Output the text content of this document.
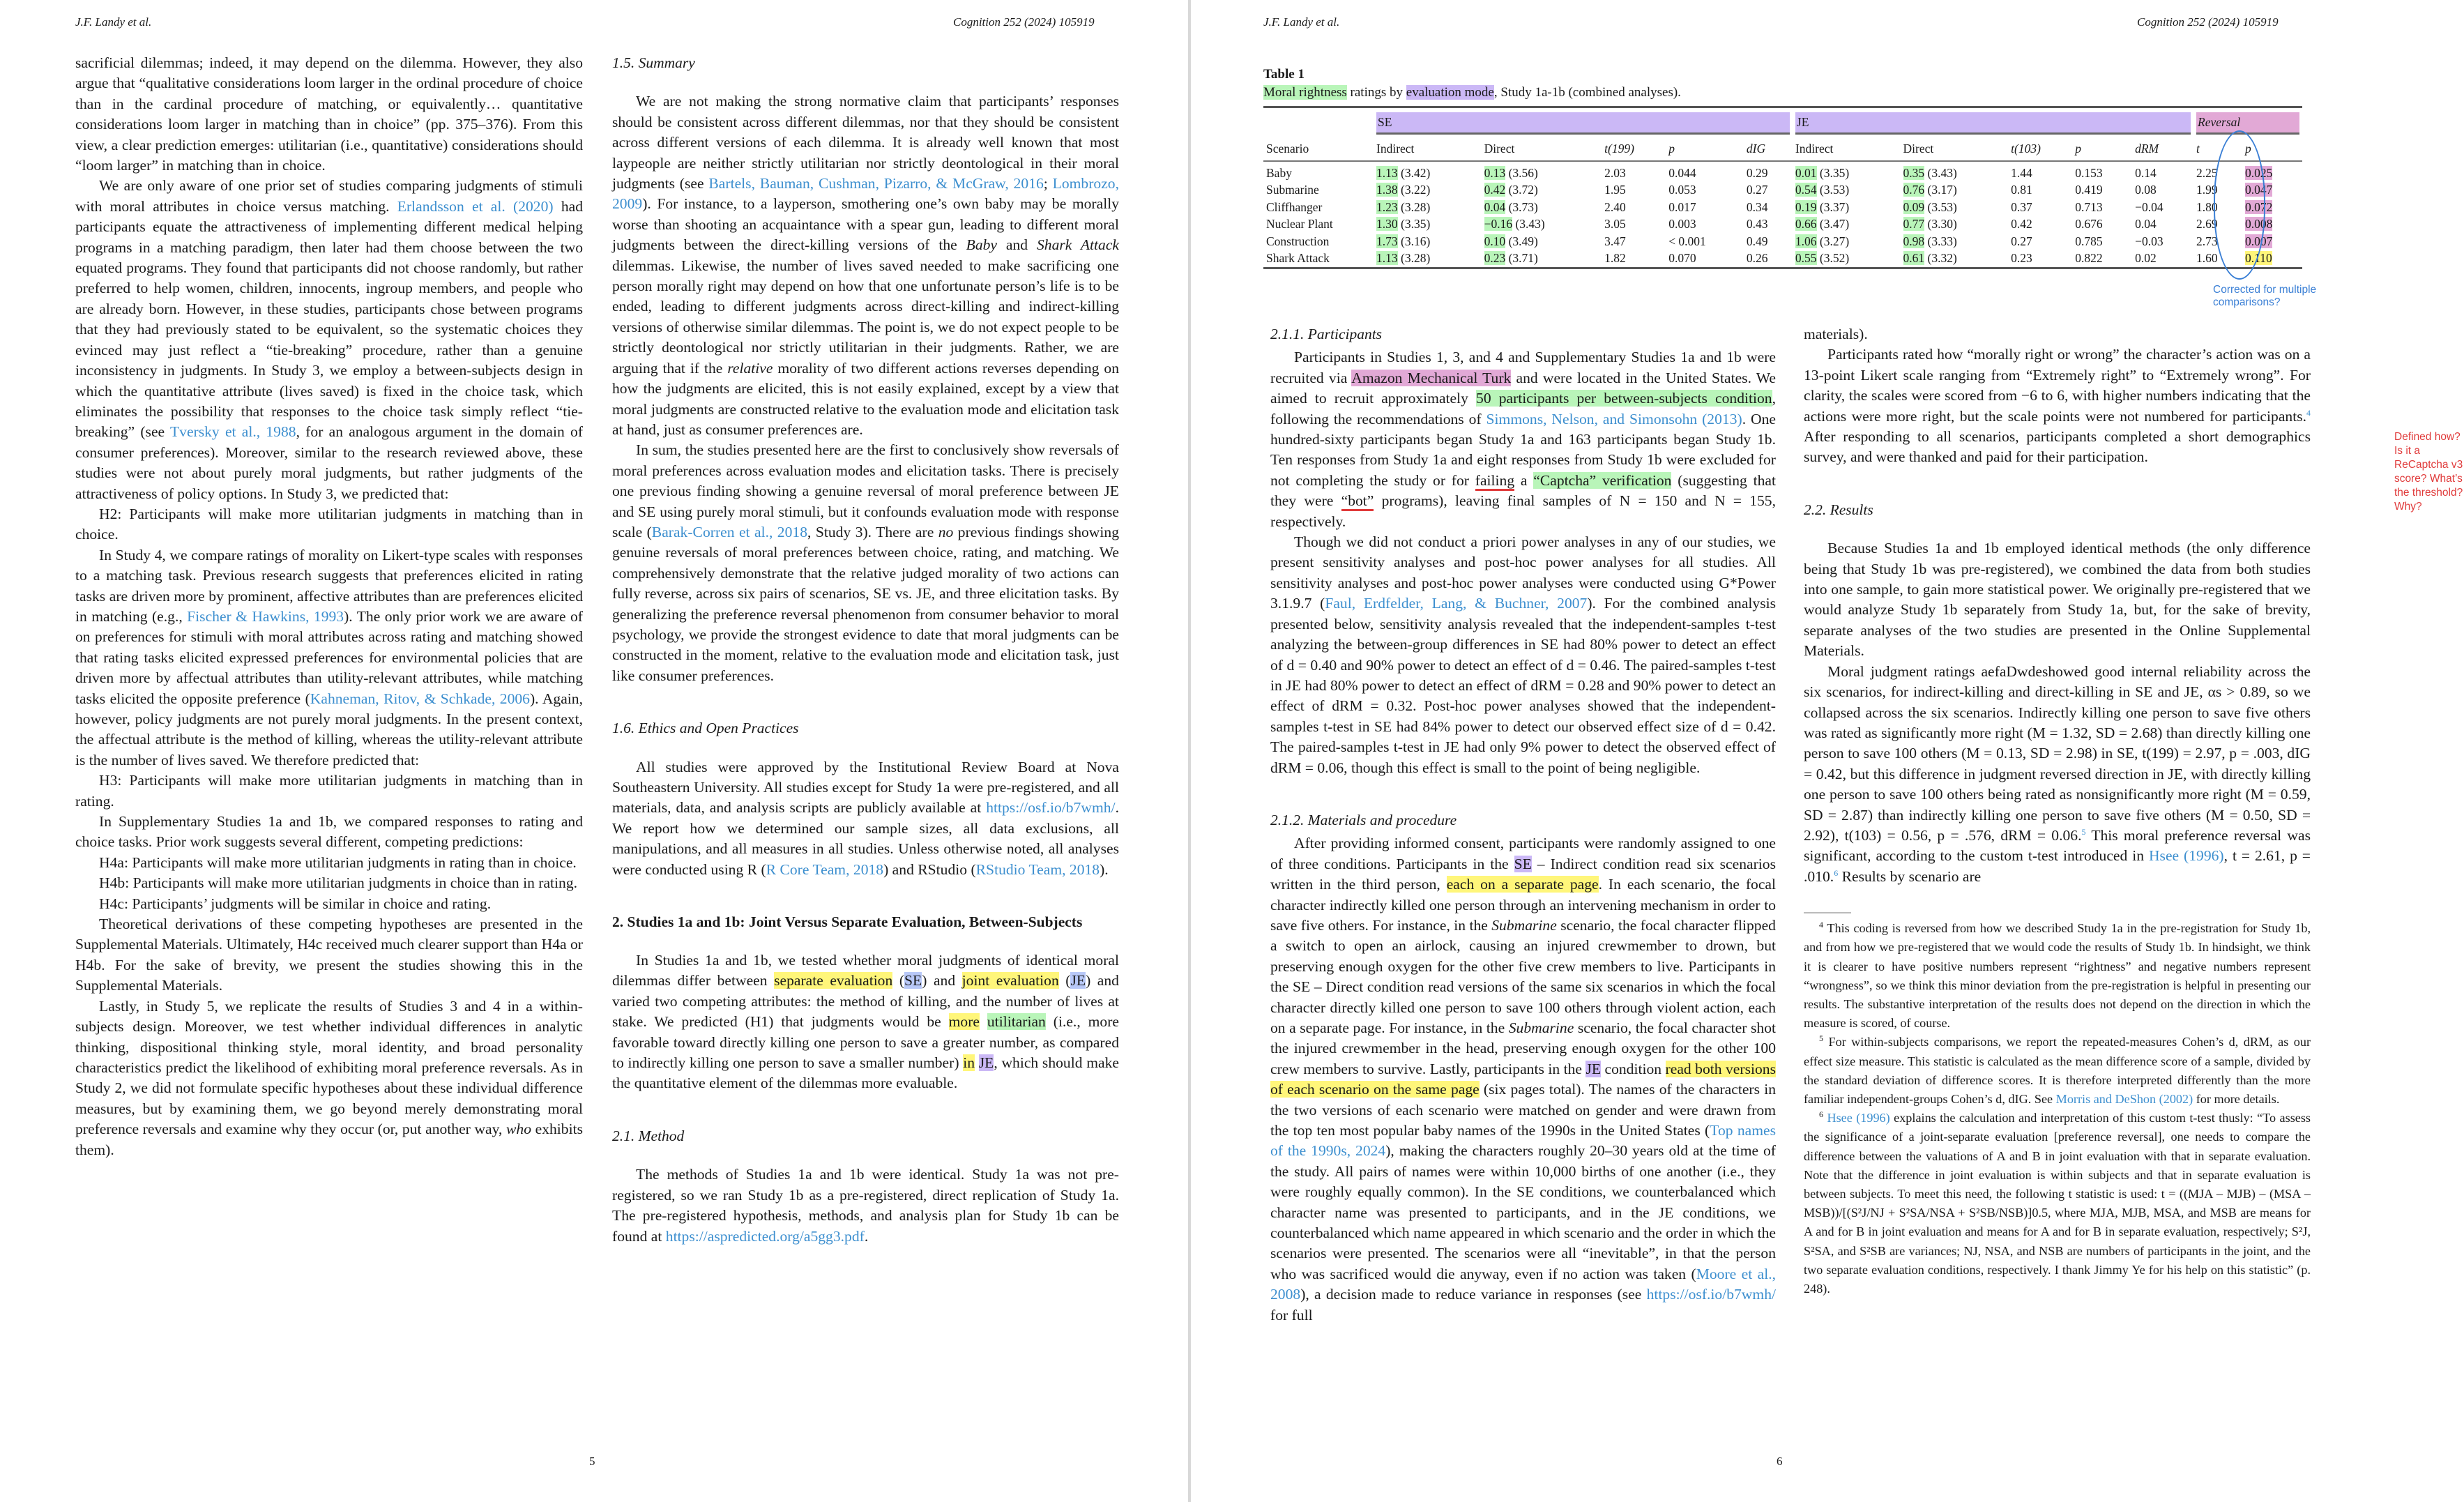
J.F. Landy et al.	Cognition 252 (2024) 105919

sacrificial dilemmas; indeed, it may depend on the dilemma. However, they also argue that “qualitative considerations loom larger in the ordinal procedure of choice than in the cardinal procedure of matching, or equivalently… quantitative considerations loom larger in matching than in choice” (pp. 375–376). From this view, a clear prediction emerges: utilitarian (i.e., quantitative) considerations should “loom larger” in matching than in choice.

We are only aware of one prior set of studies comparing judgments of stimuli with moral attributes in choice versus matching. Erlandsson et al. (2020) had participants equate the attractiveness of implementing different medical helping programs in a matching paradigm, then later had them choose between the two equated programs. They found that participants did not choose randomly, but rather preferred to help women, children, innocents, ingroup members, and people who are already born. However, in these studies, participants chose between programs that they had previously stated to be equivalent, so the systematic choices they evinced may just reflect a “tie-breaking” procedure, rather than a genuine inconsistency in judgments. In Study 3, we employ a between-subjects design in which the quantitative attribute (lives saved) is fixed in the choice task, which eliminates the possibility that responses to the choice task simply reflect “tie-breaking” (see Tversky et al., 1988, for an analogous argument in the domain of consumer preferences). Moreover, similar to the research reviewed above, these studies were not about purely moral judgments, but rather judgments of the attractiveness of policy options. In Study 3, we predicted that:

H2: Participants will make more utilitarian judgments in matching than in choice.

In Study 4, we compare ratings of morality on Likert-type scales with responses to a matching task. Previous research suggests that preferences elicited in rating tasks are driven more by prominent, affective attributes than are preferences elicited in matching (e.g., Fischer & Hawkins, 1993). The only prior work we are aware of on preferences for stimuli with moral attributes across rating and matching showed that rating tasks elicited expressed preferences for environmental policies that are driven more by affectual attributes than utility-relevant attributes, while matching tasks elicited the opposite preference (Kahneman, Ritov, & Schkade, 2006). Again, however, policy judgments are not purely moral judgments. In the present context, the affectual attribute is the method of killing, whereas the utility-relevant attribute is the number of lives saved. We therefore predicted that:

H3: Participants will make more utilitarian judgments in matching than in rating.

In Supplementary Studies 1a and 1b, we compared responses to rating and choice tasks. Prior work suggests several different, competing predictions:

H4a: Participants will make more utilitarian judgments in rating than in choice.

H4b: Participants will make more utilitarian judgments in choice than in rating.

H4c: Participants’ judgments will be similar in choice and rating.

Theoretical derivations of these competing hypotheses are presented in the Supplemental Materials. Ultimately, H4c received much clearer support than H4a or H4b. For the sake of brevity, we present the studies showing this in the Supplemental Materials.

Lastly, in Study 5, we replicate the results of Studies 3 and 4 in a within-subjects design. Moreover, we test whether individual differences in analytic thinking, dispositional thinking style, moral identity, and broad personality characteristics predict the likelihood of exhibiting moral preference reversals. As in Study 2, we did not formulate specific hypotheses about these individual difference measures, but by examining them, we go beyond merely demonstrating moral preference reversals and examine why they occur (or, put another way, who exhibits them).

1.5. Summary

We are not making the strong normative claim that participants’ responses should be consistent across different dilemmas, nor that they should be consistent across different versions of each dilemma. It is already well known that most laypeople are neither strictly utilitarian nor strictly deontological in their moral judgments (see Bartels, Bauman, Cushman, Pizarro, & McGraw, 2016; Lombrozo, 2009). For instance, to a layperson, smothering one’s own baby may be morally worse than shooting an acquaintance with a spear gun, leading to different moral judgments between the direct-killing versions of the Baby and Shark Attack dilemmas. Likewise, the number of lives saved needed to make sacrificing one person morally right may depend on how that one unfortunate person’s life is to be ended, leading to different judgments across direct-killing and indirect-killing versions of otherwise similar dilemmas. The point is, we do not expect people to be strictly deontological nor strictly utilitarian in their judgments. Rather, we are arguing that if the relative morality of two different actions reverses depending on how the judgments are elicited, this is not easily explained, except by a view that moral judgments are constructed relative to the evaluation mode and elicitation task at hand, just as consumer preferences are.

In sum, the studies presented here are the first to conclusively show reversals of moral preferences across evaluation modes and elicitation tasks. There is precisely one previous finding showing a genuine reversal of moral preference between JE and SE using purely moral stimuli, but it confounds evaluation mode with response scale (Barak-Corren et al., 2018, Study 3). There are no previous findings showing genuine reversals of moral preferences between choice, rating, and matching. We comprehensively demonstrate that the relative judged morality of two actions can fully reverse, across six pairs of scenarios, SE vs. JE, and three elicitation tasks. By generalizing the preference reversal phenomenon from consumer behavior to moral psychology, we provide the strongest evidence to date that moral judgments can be constructed in the moment, relative to the evaluation mode and elicitation task, just like consumer preferences.

1.6. Ethics and Open Practices

All studies were approved by the Institutional Review Board at Nova Southeastern University. All studies except for Study 1a were pre-registered, and all materials, data, and analysis scripts are publicly available at https://osf.io/b7wmh/. We report how we determined our sample sizes, all data exclusions, all manipulations, and all measures in all studies. Unless otherwise noted, all analyses were conducted using R (R Core Team, 2018) and RStudio (RStudio Team, 2018).

2. Studies 1a and 1b: Joint Versus Separate Evaluation, Between-Subjects

In Studies 1a and 1b, we tested whether moral judgments of identical moral dilemmas differ between separate evaluation (SE) and joint evaluation (JE) and varied two competing attributes: the method of killing, and the number of lives at stake. We predicted (H1) that judgments would be more utilitarian (i.e., more favorable toward directly killing one person to save a greater number, as compared to indirectly killing one person to save a smaller number) in JE, which should make the quantitative element of the dilemmas more evaluable.

2.1. Method

The methods of Studies 1a and 1b were identical. Study 1a was not pre-registered, so we ran Study 1b as a pre-registered, direct replication of Study 1a. The pre-registered hypothesis, methods, and analysis plan for Study 1b can be found at https://aspredicted.org/a5gg3.pdf.

5
J.F. Landy et al.	Cognition 252 (2024) 105919
Table 1
Moral rightness ratings by evaluation mode, Study 1a-1b (combined analyses).

	SE					JE					Reversal	

Scenario	Indirect	Direct	t(199)	p	dIG	Indirect	Direct	t(103)	p	dRM	t	p
Baby	1.13 (3.42)	0.13 (3.56)	2.03	0.044	0.29	0.01 (3.35)	0.35 (3.43)	1.44	0.153	0.14	2.25	0.025
Submarine	1.38 (3.22)	0.42 (3.72)	1.95	0.053	0.27	0.54 (3.53)	0.76 (3.17)	0.81	0.419	0.08	1.99	0.047
Cliffhanger	1.23 (3.28)	0.04 (3.73)	2.40	0.017	0.34	0.19 (3.37)	0.09 (3.53)	0.37	0.713	−0.04	1.80	0.072
Nuclear Plant	1.30 (3.35)	−0.16 (3.43)	3.05	0.003	0.43	0.66 (3.47)	0.77 (3.30)	0.42	0.676	0.04	2.69	0.008
Construction	1.73 (3.16)	0.10 (3.49)	3.47	< 0.001	0.49	1.06 (3.27)	0.98 (3.33)	0.27	0.785	−0.03	2.73	0.007
Shark Attack	1.13 (3.28)	0.23 (3.71)	1.82	0.070	0.26	0.55 (3.52)	0.61 (3.32)	0.23	0.822	0.02	1.60	0.110
Corrected for multiple comparisons?
Defined how? Is it a ReCaptcha v3 score? What’s the threshold? Why?
2.1.1. Participants

Participants in Studies 1, 3, and 4 and Supplementary Studies 1a and 1b were recruited via Amazon Mechanical Turk and were located in the United States. We aimed to recruit approximately 50 participants per between-subjects condition, following the recommendations of Simmons, Nelson, and Simonsohn (2013). One hundred-sixty participants began Study 1a and 163 participants began Study 1b. Ten responses from Study 1a and eight responses from Study 1b were excluded for not completing the study or for failing a “Captcha” verification (suggesting that they were “bot” programs), leaving final samples of N = 150 and N = 155, respectively.

Though we did not conduct a priori power analyses in any of our studies, we present sensitivity analyses and post-hoc power analyses for all studies. All sensitivity analyses and post-hoc power analyses were conducted using G*Power 3.1.9.7 (Faul, Erdfelder, Lang, & Buchner, 2007). For the combined analysis presented below, sensitivity analysis revealed that the independent-samples t-test analyzing the between-group differences in SE had 80% power to detect an effect of d = 0.40 and 90% power to detect an effect of d = 0.46. The paired-samples t-test in JE had 80% power to detect an effect of dRM = 0.28 and 90% power to detect an effect of dRM = 0.32. Post-hoc power analyses showed that the independent-samples t-test in SE had 84% power to detect our observed effect size of d = 0.42. The paired-samples t-test in JE had only 9% power to detect the observed effect of dRM = 0.06, though this effect is small to the point of being negligible.

2.1.2. Materials and procedure

After providing informed consent, participants were randomly assigned to one of three conditions. Participants in the SE – Indirect condition read six scenarios written in the third person, each on a separate page. In each scenario, the focal character indirectly killed one person through an intervening mechanism in order to save five others. For instance, in the Submarine scenario, the focal character flipped a switch to open an airlock, causing an injured crewmember to drown, but preserving enough oxygen for the other five crew members to live. Participants in the SE – Direct condition read versions of the same six scenarios in which the focal character directly killed one person to save 100 others through violent action, each on a separate page. For instance, in the Submarine scenario, the focal character shot the injured crewmember in the head, preserving enough oxygen for the other 100 crew members to survive. Lastly, participants in the JE condition read both versions of each scenario on the same page (six pages total). The names of the characters in the two versions of each scenario were matched on gender and were drawn from the top ten most popular baby names of the 1990s in the United States (Top names of the 1990s, 2024), making the characters roughly 20–30 years old at the time of the study. All pairs of names were within 10,000 births of one another (i.e., they were roughly equally common). In the SE conditions, we counterbalanced which character name was presented to participants, and in the JE conditions, we counterbalanced which name appeared in which scenario and the order in which the scenarios were presented. The scenarios were all “inevitable”, in that the person who was sacrificed would die anyway, even if no action was taken (Moore et al., 2008), a decision made to reduce variance in responses (see https://osf.io/b7wmh/ for full

materials).

Participants rated how “morally right or wrong” the character’s action was on a 13-point Likert scale ranging from “Extremely right” to “Extremely wrong”. For clarity, the scales were scored from −6 to 6, with higher numbers indicating that the actions were more right, but the scale points were not numbered for participants.$^4$ After responding to all scenarios, participants completed a short demographics survey, and were thanked and paid for their participation.

2.2. Results

Because Studies 1a and 1b employed identical methods (the only difference being that Study 1b was pre-registered), we combined the data from both studies into one sample, to gain more statistical power. We originally pre-registered that we would analyze Study 1b separately from Study 1a, but, for the sake of brevity, separate analyses of the two studies are presented in the Online Supplemental Materials.

Moral judgment ratings aefaDwdeshowed good internal reliability across the six scenarios, for indirect-killing and direct-killing in SE and JE, αs > 0.89, so we collapsed across the six scenarios. Indirectly killing one person to save five others was rated as significantly more right (M = 1.32, SD = 2.68) than directly killing one person to save 100 others (M = 0.13, SD = 2.98) in SE, t(199) = 2.97, p = .003, dIG = 0.42, but this difference in judgment reversed direction in JE, with directly killing one person to save 100 others being rated as nonsignificantly more right (M = 0.59, SD = 2.87) than indirectly killing one person to save five others (M = 0.50, SD = 2.92), t(103) = 0.56, p = .576, dRM = 0.06.$^5$ This moral preference reversal was significant, according to the custom t-test introduced in Hsee (1996), t = 2.61, p = .010.$^6$ Results by scenario are

$^4$ This coding is reversed from how we described Study 1a in the pre-registration for Study 1b, and from how we pre-registered that we would code the results of Study 1b. In hindsight, we think it is clearer to have positive numbers represent “rightness” and negative numbers represent “wrongness”, so we think this minor deviation from the pre-registration is helpful in presenting our results. The substantive interpretation of the results does not depend on the direction in which the measure is scored, of course.

$^5$ For within-subjects comparisons, we report the repeated-measures Cohen’s d, dRM, as our effect size measure. This statistic is calculated as the mean difference score of a sample, divided by the standard deviation of difference scores. It is therefore interpreted differently than the more familiar independent-groups Cohen’s d, dIG. See Morris and DeShon (2002) for more details.

$^6$ Hsee (1996) explains the calculation and interpretation of this custom t-test thusly: “To assess the significance of a joint-separate evaluation [preference reversal], one needs to compare the difference between the valuations of A and B in joint evaluation with that in separate evaluation. Note that the difference in joint evaluation is within subjects and that in separate evaluation is between subjects. To meet this need, the following t statistic is used: t = ((MJA – MJB) – (MSA – MSB))/[(S²J/NJ + S²SA/NSA + S²SB/NSB)]0.5, where MJA, MJB, MSA, and MSB are means for A and for B in joint evaluation and means for A and for B in separate evaluation, respectively; S²J, S²SA, and S²SB are variances; NJ, NSA, and NSB are numbers of participants in the joint, and the two separate evaluation conditions, respectively. I thank Jimmy Ye for his help on this statistic” (p. 248).

6
